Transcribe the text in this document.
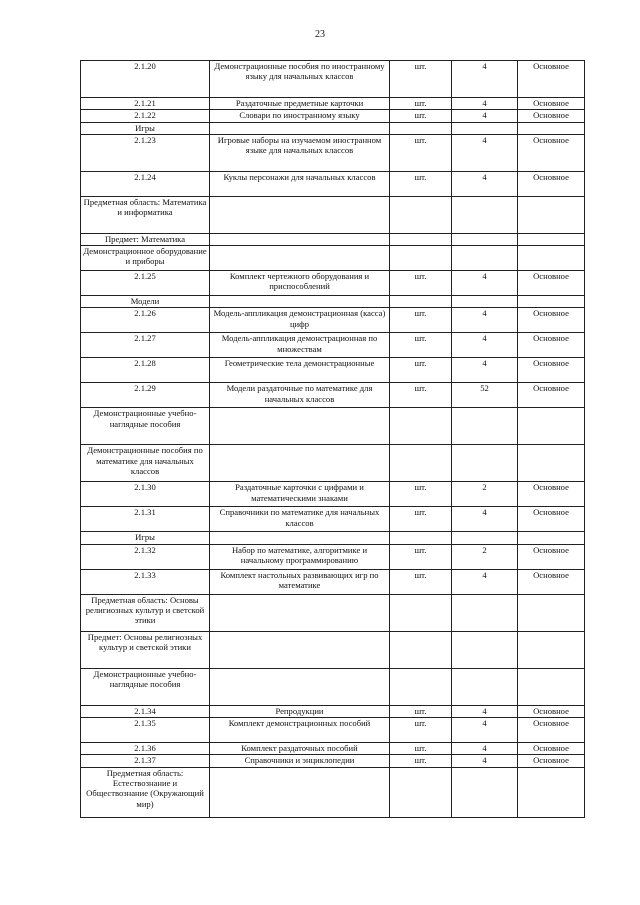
23
2.1.20	Демонстрационные пособия по иностранному языку для начальных классов	шт.	4	Основное
2.1.21	Раздаточные предметные карточки	шт.	4	Основное
2.1.22	Словари по иностранному языку	шт.	4	Основное
Игры				
2.1.23	Игровые наборы на изучаемом иностранном языке для начальных классов	шт.	4	Основное
2.1.24	Куклы персонажи для начальных классов	шт.	4	Основное
Предметная область: Математика и информатика				
Предмет: Математика				
Демонстрационное оборудование и приборы				
2.1.25	Комплект чертежного оборудования и приспособлений	шт.	4	Основное
Модели				
2.1.26	Модель-аппликация демонстрационная (касса) цифр	шт.	4	Основное
2.1.27	Модель-аппликация демонстрационная по множествам	шт.	4	Основное
2.1.28	Геометрические тела демонстрационные	шт.	4	Основное
2.1.29	Модели раздаточные по математике для начальных классов	шт.	52	Основное
Демонстрационные учебно-наглядные пособия				
Демонстрационные пособия по математике для начальных классов				
2.1.30	Раздаточные карточки с цифрами и математическими знаками	шт.	2	Основное
2.1.31	Справочники по математике для начальных классов	шт.	4	Основное
Игры				
2.1.32	Набор по математике, алгоритмике и начальному программированию	шт.	2	Основное
2.1.33	Комплект настольных развивающих игр по математике	шт.	4	Основное
Предметная область: Основы религиозных культур и светской этики				
Предмет: Основы религиозных культур и светской этики				
Демонстрационные учебно-наглядные пособия				
2.1.34	Репродукции	шт.	4	Основное
2.1.35	Комплект демонстрационных пособий	шт.	4	Основное
2.1.36	Комплект раздаточных пособий	шт.	4	Основное
2.1.37	Справочники и энциклопедии	шт.	4	Основное
Предметная область: Естествознание и Обществознание (Окружающий мир)				
